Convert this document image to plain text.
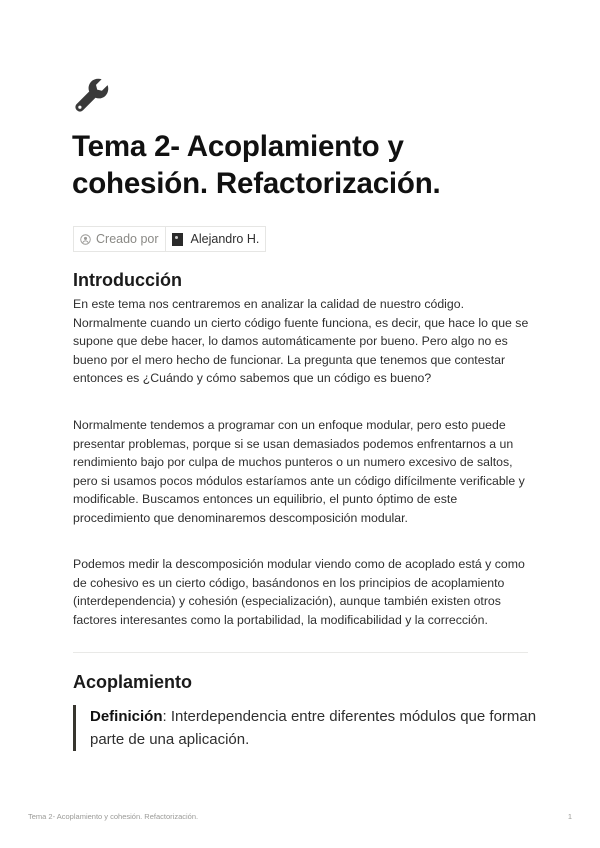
Tema 2- Acoplamiento y cohesión. Refactorización.
Creado por	Alejandro H.
Introducción

En este tema nos centraremos en analizar la calidad de nuestro código. Normalmente cuando un cierto código fuente funciona, es decir, que hace lo que se supone que debe hacer, lo damos automáticamente por bueno. Pero algo no es bueno por el mero hecho de funcionar. La pregunta que tenemos que contestar entonces es ¿Cuándo y cómo sabemos que un código es bueno?

Normalmente tendemos a programar con un enfoque modular, pero esto puede presentar problemas, porque si se usan demasiados podemos enfrentarnos a un rendimiento bajo por culpa de muchos punteros o un numero excesivo de saltos, pero si usamos pocos módulos estaríamos ante un código difícilmente verificable y modificable. Buscamos entonces un equilibrio, el punto óptimo de este procedimiento que denominaremos descomposición modular.

Podemos medir la descomposición modular viendo como de acoplado está y como de cohesivo es un cierto código, basándonos en los principios de acoplamiento (interdependencia) y cohesión (especialización), aunque también existen otros factores interesantes como la portabilidad, la modificabilidad y la corrección.

Acoplamiento
Definición: Interdependencia entre diferentes módulos que forman parte de una aplicación.
Tema 2- Acoplamiento y cohesión. Refactorización.	1
